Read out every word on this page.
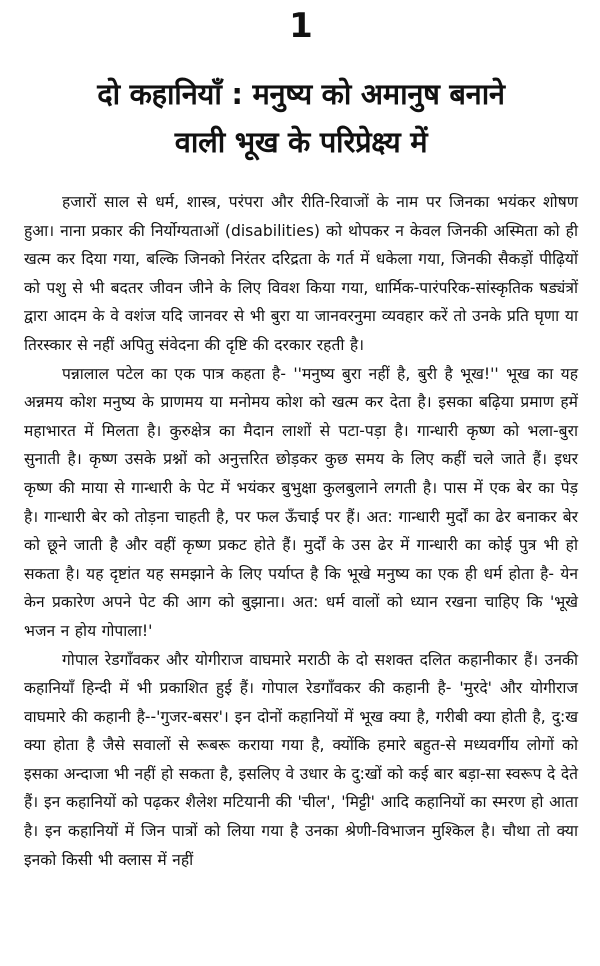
1
दो कहानियाँ : मनुष्य को अमानुष बनाने
वाली भूख के परिप्रेक्ष्य में

हजारों साल से धर्म, शास्त्र, परंपरा और रीति-रिवाजों के नाम पर जिनका भयंकर शोषण हुआ। नाना प्रकार की निर्योग्यताओं (disabilities) को थोपकर न केवल जिनकी अस्मिता को ही खत्म कर दिया गया, बल्कि जिनको निरंतर दरिद्रता के गर्त में धकेला गया, जिनकी सैकड़ों पीढ़ियों को पशु से भी बदतर जीवन जीने के लिए विवश किया गया, धार्मिक-पारंपरिक-सांस्कृतिक षड्यंत्रों द्वारा आदम के वे वशंज यदि जानवर से भी बुरा या जानवरनुमा व्यवहार करें तो उनके प्रति घृणा या तिरस्कार से नहीं अपितु संवेदना की दृष्टि की दरकार रहती है।

पन्नालाल पटेल का एक पात्र कहता है- ''मनुष्य बुरा नहीं है, बुरी है भूख!'' भूख का यह अन्नमय कोश मनुष्य के प्राणमय या मनोमय कोश को खत्म कर देता है। इसका बढ़िया प्रमाण हमें महाभारत में मिलता है। कुरुक्षेत्र का मैदान लाशों से पटा-पड़ा है। गान्धारी कृष्ण को भला-बुरा सुनाती है। कृष्ण उसके प्रश्नों को अनुत्तरित छोड़कर कुछ समय के लिए कहीं चले जाते हैं। इधर कृष्ण की माया से गान्धारी के पेट में भयंकर बुभुक्षा कुलबुलाने लगती है। पास में एक बेर का पेड़ है। गान्धारी बेर को तोड़ना चाहती है, पर फल ऊँचाई पर हैं। अत: गान्धारी मुर्दों का ढेर बनाकर बेर को छूने जाती है और वहीं कृष्ण प्रकट होते हैं। मुर्दों के उस ढेर में गान्धारी का कोई पुत्र भी हो सकता है। यह दृष्टांत यह समझाने के लिए पर्याप्त है कि भूखे मनुष्य का एक ही धर्म होता है- येन केन प्रकारेण अपने पेट की आग को बुझाना। अत: धर्म वालों को ध्यान रखना चाहिए कि 'भूखे भजन न होय गोपाला!'

गोपाल रेडगाँवकर और योगीराज वाघमारे मराठी के दो सशक्त दलित कहानीकार हैं। उनकी कहानियाँ हिन्दी में भी प्रकाशित हुई हैं। गोपाल रेडगाँवकर की कहानी है- 'मुरदे' और योगीराज वाघमारे की कहानी है--'गुजर-बसर'। इन दोनों कहानियों में भूख क्या है, गरीबी क्या होती है, दु:ख क्या होता है जैसे सवालों से रूबरू कराया गया है, क्योंकि हमारे बहुत-से मध्यवर्गीय लोगों को इसका अन्दाजा भी नहीं हो सकता है, इसलिए वे उधार के दु:खों को कई बार बड़ा-सा स्वरूप दे देते हैं। इन कहानियों को पढ़कर शैलेश मटियानी की 'चील', 'मिट्टी' आदि कहानियों का स्मरण हो आता है। इन कहानियों में जिन पात्रों को लिया गया है उनका श्रेणी-विभाजन मुश्किल है। चौथा तो क्या इनको किसी भी क्लास में नहीं
